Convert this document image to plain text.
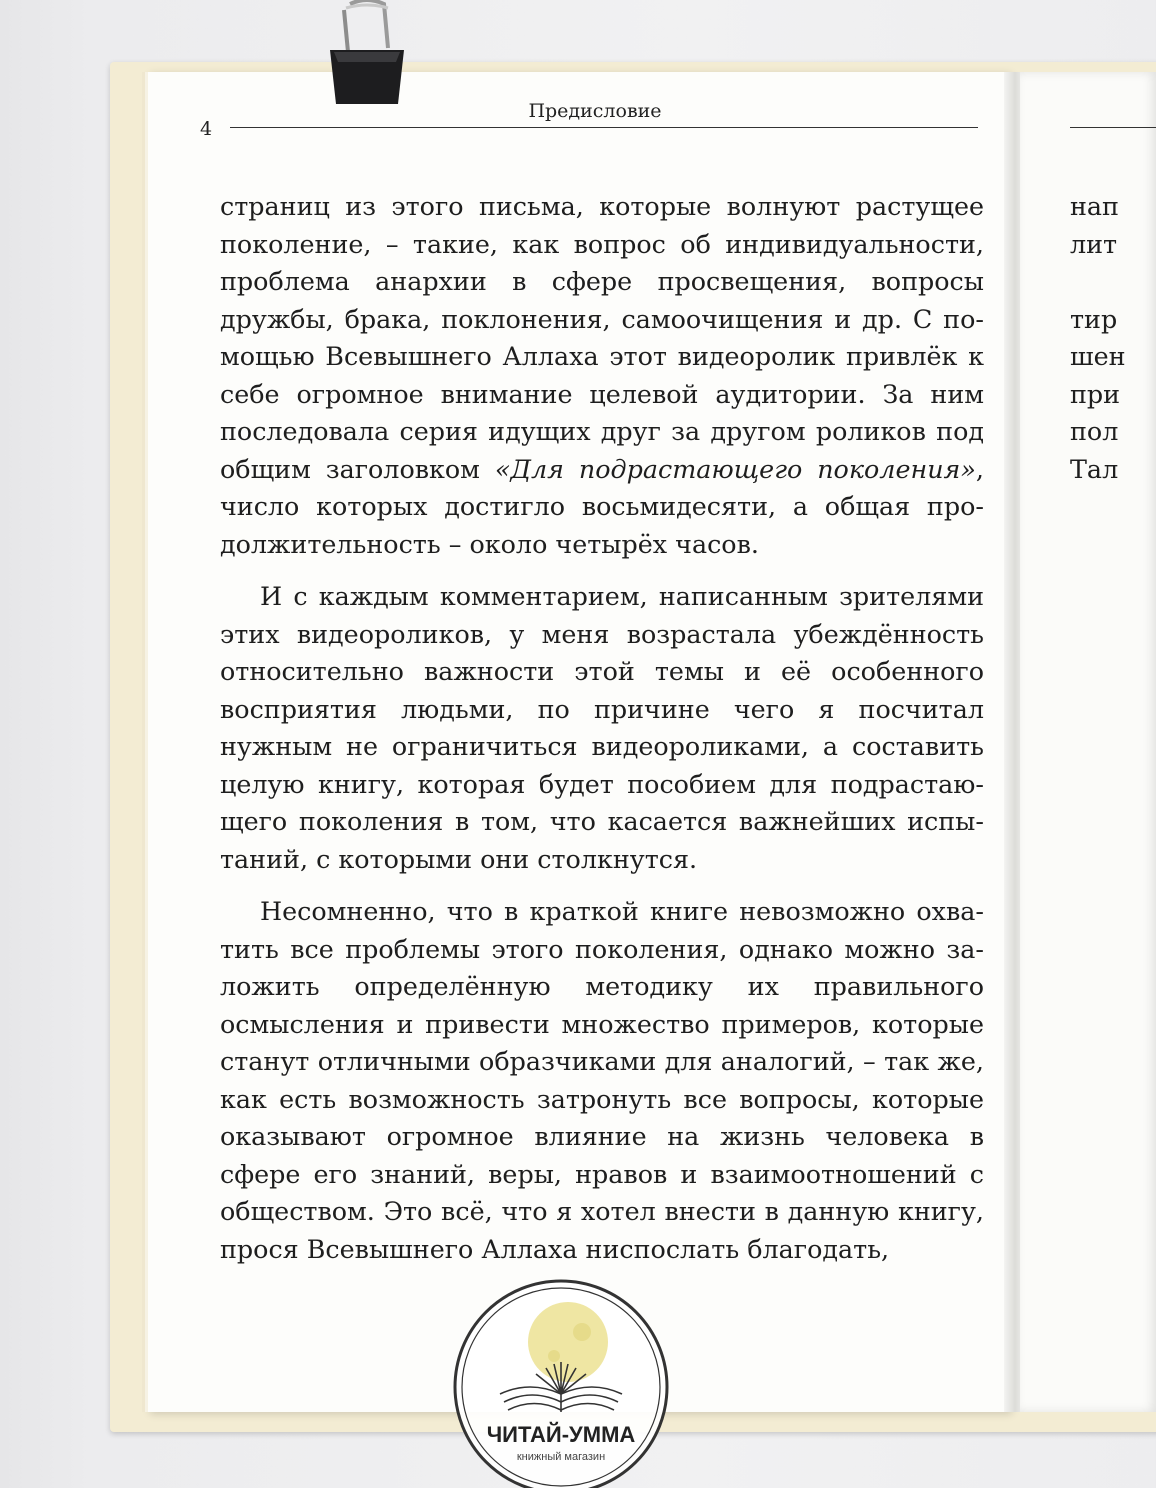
4
Предисловие

страниц из этого письма, которые волнуют растущее поколение, – такие, как вопрос об индивидуальности, проблема анархии в сфере просвещения, вопросы дружбы, брака, поклонения, самоочищения и др. С помощью Всевышнего Аллаха этот видеоролик привлёк к себе огромное внимание целевой аудитории. За ним последовала серия идущих друг за другом роликов под общим заголовком «Для подрастающего поколения», число которых достигло восьмидесяти, а общая продолжительность – около четырёх часов.

И с каждым комментарием, написанным зрителями этих видеороликов, у меня возрастала убеждённость относительно важности этой темы и её особенного восприятия людьми, по причине чего я посчитал нужным не ограничиться видеороликами, а составить целую книгу, которая будет пособием для подрастающего поколения в том, что касается важнейших испытаний, с которыми они столкнутся.

Несомненно, что в краткой книге невозможно охватить все проблемы этого поколения, однако можно заложить определённую методику их правильного осмысления и привести множество примеров, которые станут отличными образчиками для аналогий, – так же, как есть возможность затронуть все вопросы, которые оказывают огромное влияние на жизнь человека в сфере его знаний, веры, нравов и взаимоотношений с обществом. Это всё, что я хотел внести в данную книгу, прося Всевышнего Аллаха ниспослать благодать,

нап
лит

тир
шен
при
пол
Тал
ЧИТАЙ-УММА
книжный магазин
